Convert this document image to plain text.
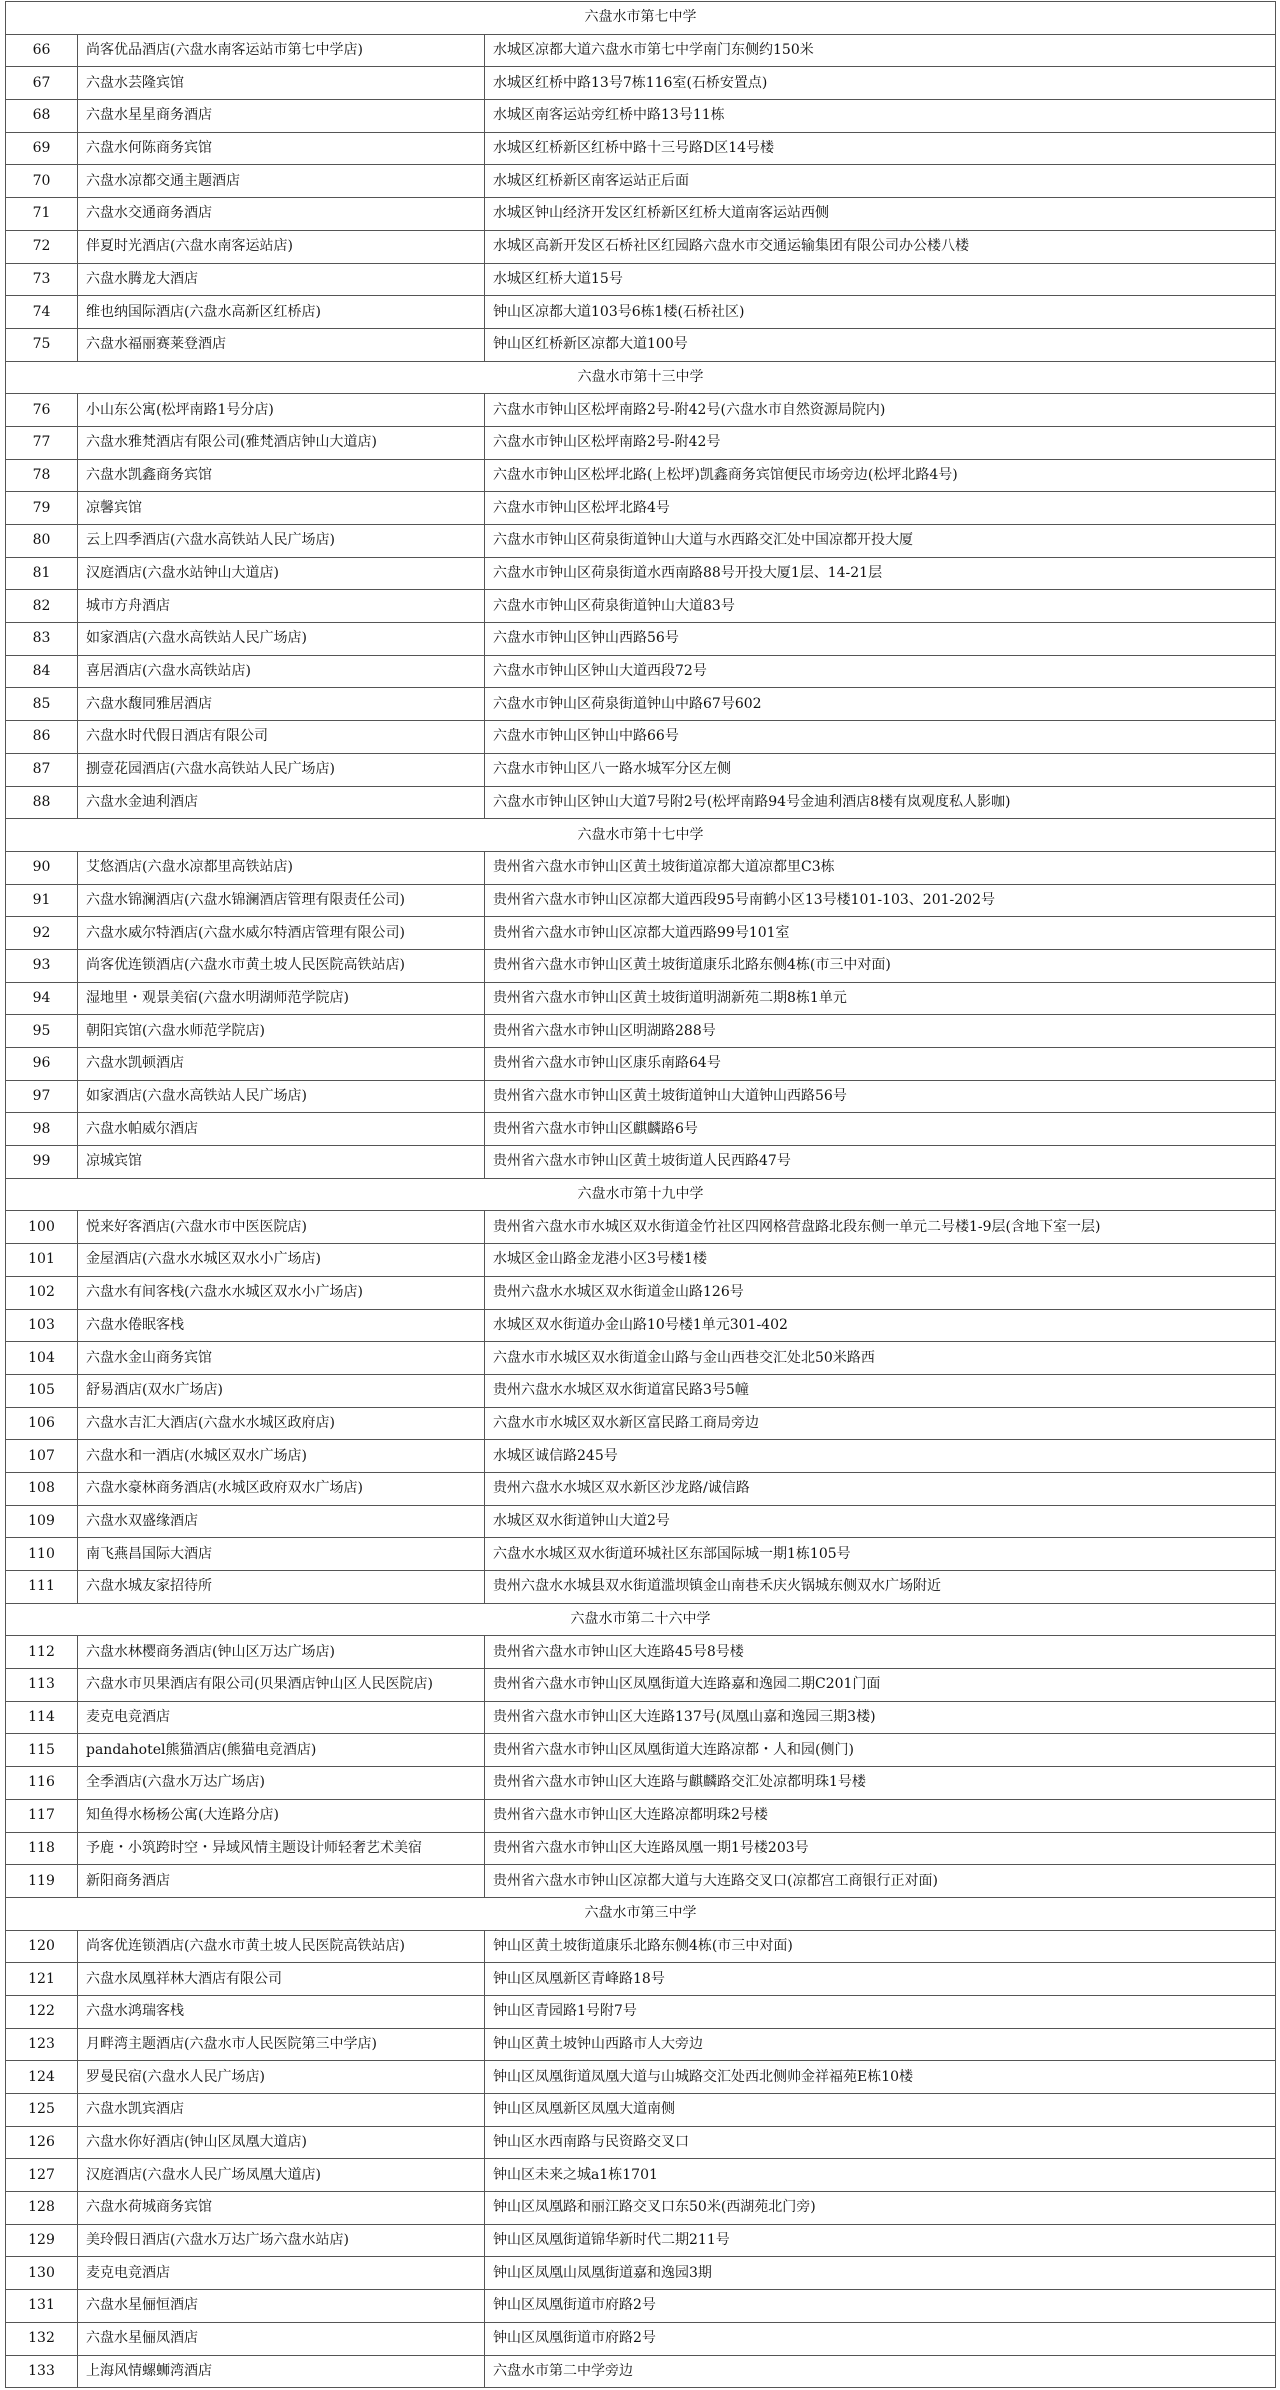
六盘水市第七中学		
66	尚客优品酒店(六盘水南客运站市第七中学店)	水城区凉都大道六盘水市第七中学南门东侧约150米
67	六盘水芸隆宾馆	水城区红桥中路13号7栋116室(石桥安置点)
68	六盘水星星商务酒店	水城区南客运站旁红桥中路13号11栋
69	六盘水何陈商务宾馆	水城区红桥新区红桥中路十三号路D区14号楼
70	六盘水凉都交通主题酒店	水城区红桥新区南客运站正后面
71	六盘水交通商务酒店	水城区钟山经济开发区红桥新区红桥大道南客运站西侧
72	伴夏时光酒店(六盘水南客运站店)	水城区高新开发区石桥社区红园路六盘水市交通运输集团有限公司办公楼八楼
73	六盘水腾龙大酒店	水城区红桥大道15号
74	维也纳国际酒店(六盘水高新区红桥店)	钟山区凉都大道103号6栋1楼(石桥社区)
75	六盘水福丽赛莱登酒店	钟山区红桥新区凉都大道100号
六盘水市第十三中学		
76	小山东公寓(松坪南路1号分店)	六盘水市钟山区松坪南路2号-附42号(六盘水市自然资源局院内)
77	六盘水雅梵酒店有限公司(雅梵酒店钟山大道店)	六盘水市钟山区松坪南路2号-附42号
78	六盘水凯鑫商务宾馆	六盘水市钟山区松坪北路(上松坪)凯鑫商务宾馆便民市场旁边(松坪北路4号)
79	凉馨宾馆	六盘水市钟山区松坪北路4号
80	云上四季酒店(六盘水高铁站人民广场店)	六盘水市钟山区荷泉街道钟山大道与水西路交汇处中国凉都开投大厦
81	汉庭酒店(六盘水站钟山大道店)	六盘水市钟山区荷泉街道水西南路88号开投大厦1层、14-21层
82	城市方舟酒店	六盘水市钟山区荷泉街道钟山大道83号
83	如家酒店(六盘水高铁站人民广场店)	六盘水市钟山区钟山西路56号
84	喜居酒店(六盘水高铁站店)	六盘水市钟山区钟山大道西段72号
85	六盘水馥同雅居酒店	六盘水市钟山区荷泉街道钟山中路67号602
86	六盘水时代假日酒店有限公司	六盘水市钟山区钟山中路66号
87	捌壹花园酒店(六盘水高铁站人民广场店)	六盘水市钟山区八一路水城军分区左侧
88	六盘水金迪利酒店	六盘水市钟山区钟山大道7号附2号(松坪南路94号金迪利酒店8楼有岚观度私人影咖)
六盘水市第十七中学		
90	艾悠酒店(六盘水凉都里高铁站店)	贵州省六盘水市钟山区黄土坡街道凉都大道凉都里C3栋
91	六盘水锦澜酒店(六盘水锦澜酒店管理有限责任公司)	贵州省六盘水市钟山区凉都大道西段95号南鹤小区13号楼101-103、201-202号
92	六盘水威尔特酒店(六盘水威尔特酒店管理有限公司)	贵州省六盘水市钟山区凉都大道西路99号101室
93	尚客优连锁酒店(六盘水市黄土坡人民医院高铁站店)	贵州省六盘水市钟山区黄土坡街道康乐北路东侧4栋(市三中对面)
94	湿地里・观景美宿(六盘水明湖师范学院店)	贵州省六盘水市钟山区黄土坡街道明湖新苑二期8栋1单元
95	朝阳宾馆(六盘水师范学院店)	贵州省六盘水市钟山区明湖路288号
96	六盘水凯顿酒店	贵州省六盘水市钟山区康乐南路64号
97	如家酒店(六盘水高铁站人民广场店)	贵州省六盘水市钟山区黄土坡街道钟山大道钟山西路56号
98	六盘水帕威尔酒店	贵州省六盘水市钟山区麒麟路6号
99	凉城宾馆	贵州省六盘水市钟山区黄土坡街道人民西路47号
六盘水市第十九中学		
100	悦来好客酒店(六盘水市中医医院店)	贵州省六盘水市水城区双水街道金竹社区四网格营盘路北段东侧一单元二号楼1-9层(含地下室一层)
101	金屋酒店(六盘水水城区双水小广场店)	水城区金山路金龙港小区3号楼1楼
102	六盘水有间客栈(六盘水水城区双水小广场店)	贵州六盘水水城区双水街道金山路126号
103	六盘水倦眠客栈	水城区双水街道办金山路10号楼1单元301-402
104	六盘水金山商务宾馆	六盘水市水城区双水街道金山路与金山西巷交汇处北50米路西
105	舒易酒店(双水广场店)	贵州六盘水水城区双水街道富民路3号5幢
106	六盘水吉汇大酒店(六盘水水城区政府店)	六盘水市水城区双水新区富民路工商局旁边
107	六盘水和一酒店(水城区双水广场店)	水城区诚信路245号
108	六盘水豪林商务酒店(水城区政府双水广场店)	贵州六盘水水城区双水新区沙龙路/诚信路
109	六盘水双盛缘酒店	水城区双水街道钟山大道2号
110	南飞燕昌国际大酒店	六盘水水城区双水街道环城社区东部国际城一期1栋105号
111	六盘水城友家招待所	贵州六盘水水城县双水街道滥坝镇金山南巷禾庆火锅城东侧双水广场附近
六盘水市第二十六中学		
112	六盘水林樱商务酒店(钟山区万达广场店)	贵州省六盘水市钟山区大连路45号8号楼
113	六盘水市贝果酒店有限公司(贝果酒店钟山区人民医院店)	贵州省六盘水市钟山区凤凰街道大连路嘉和逸园二期C201门面
114	麦克电竞酒店	贵州省六盘水市钟山区大连路137号(凤凰山嘉和逸园三期3楼)
115	pandahotel熊猫酒店(熊猫电竞酒店)	贵州省六盘水市钟山区凤凰街道大连路凉都・人和园(侧门)
116	全季酒店(六盘水万达广场店)	贵州省六盘水市钟山区大连路与麒麟路交汇处凉都明珠1号楼
117	知鱼得水杨杨公寓(大连路分店)	贵州省六盘水市钟山区大连路凉都明珠2号楼
118	予鹿・小筑跨时空・异域风情主题设计师轻奢艺术美宿	贵州省六盘水市钟山区大连路凤凰一期1号楼203号
119	新阳商务酒店	贵州省六盘水市钟山区凉都大道与大连路交叉口(凉都宫工商银行正对面)
六盘水市第三中学		
120	尚客优连锁酒店(六盘水市黄土坡人民医院高铁站店)	钟山区黄土坡街道康乐北路东侧4栋(市三中对面)
121	六盘水凤凰祥林大酒店有限公司	钟山区凤凰新区青峰路18号
122	六盘水鸿瑞客栈	钟山区青园路1号附7号
123	月畔湾主题酒店(六盘水市人民医院第三中学店)	钟山区黄土坡钟山西路市人大旁边
124	罗曼民宿(六盘水人民广场店)	钟山区凤凰街道凤凰大道与山城路交汇处西北侧帅金祥福苑E栋10楼
125	六盘水凯宾酒店	钟山区凤凰新区凤凰大道南侧
126	六盘水你好酒店(钟山区凤凰大道店)	钟山区水西南路与民资路交叉口
127	汉庭酒店(六盘水人民广场凤凰大道店)	钟山区未来之城a1栋1701
128	六盘水荷城商务宾馆	钟山区凤凰路和丽江路交叉口东50米(西湖苑北门旁)
129	美玲假日酒店(六盘水万达广场六盘水站店)	钟山区凤凰街道锦华新时代二期211号
130	麦克电竞酒店	钟山区凤凰山凤凰街道嘉和逸园3期
131	六盘水星俪恒酒店	钟山区凤凰街道市府路2号
132	六盘水星俪凤酒店	钟山区凤凰街道市府路2号
133	上海风情螺蛳湾酒店	六盘水市第二中学旁边
